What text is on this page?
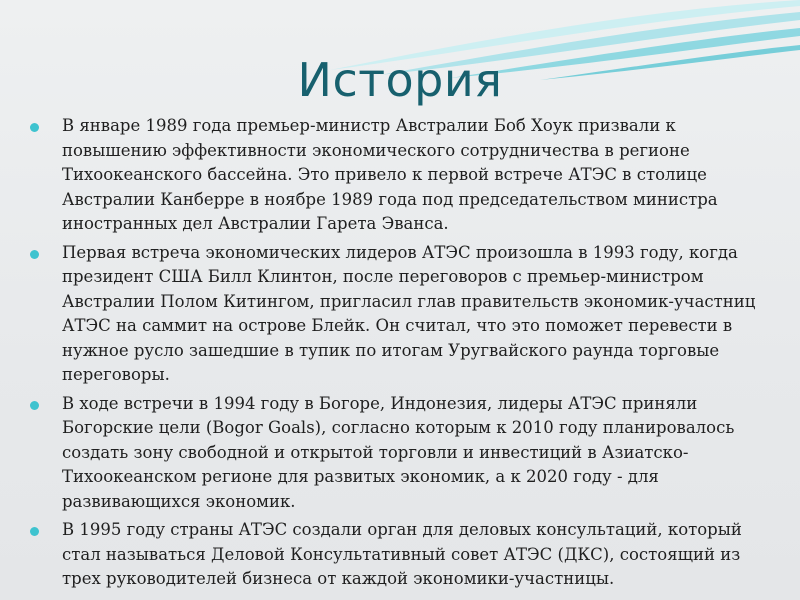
История
В январе 1989 года премьер-министр Австралии Боб Хоук призвали к
повышению эффективности экономического сотрудничества в регионе
Тихоокеанского бассейна. Это привело к первой встрече АТЭС в столице
Австралии Канберре в ноябре 1989 года под председательством министра
иностранных дел Австралии Гарета Эванса.
Первая встреча экономических лидеров АТЭС произошла в 1993 году, когда
президент США Билл Клинтон, после переговоров с премьер-министром
Австралии Полом Китингом, пригласил глав правительств экономик-участниц
АТЭС на саммит на острове Блейк. Он считал, что это поможет перевести в
нужное русло зашедшие в тупик по итогам Уругвайского раунда торговые
переговоры.
В ходе встречи в 1994 году в Богоре, Индонезия, лидеры АТЭС приняли
Богорские цели (Bogor Goals), согласно которым к 2010 году планировалось
создать зону свободной и открытой торговли и инвестиций в Азиатско-
Тихоокеанском регионе для развитых экономик, а к 2020 году - для
развивающихся экономик.
В 1995 году страны АТЭС создали орган для деловых консультаций, который
стал называться Деловой Консультативный совет АТЭС (ДКС), состоящий из
трех руководителей бизнеса от каждой экономики-участницы.
